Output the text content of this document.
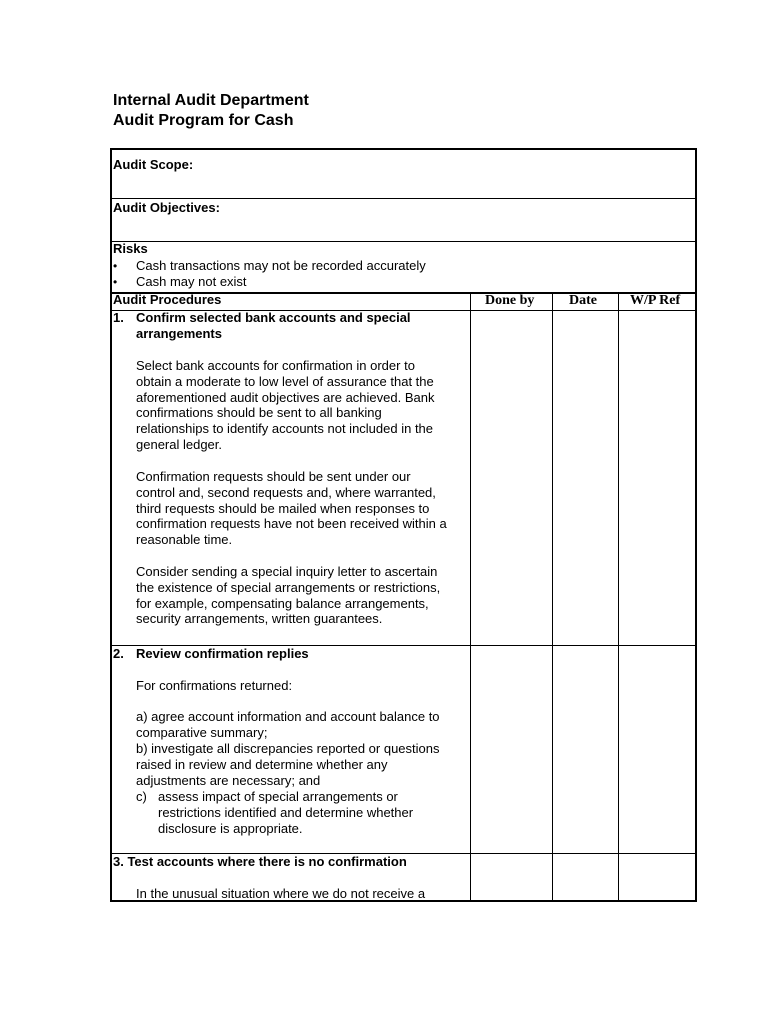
Internal Audit Department
Audit Program for Cash
Audit Scope:
Audit Objectives:
Risks
• Cash transactions may not be recorded accurately
• Cash may not exist
Audit Procedures	Done by Date W/P Ref
1. Confirm selected bank accounts and special
arrangements
Select bank accounts for confirmation in order to
obtain a moderate to low level of assurance that the
aforementioned audit objectives are achieved. Bank
confirmations should be sent to all banking
relationships to identify accounts not included in the
general ledger.
Confirmation requests should be sent under our
control and, second requests and, where warranted,
third requests should be mailed when responses to
confirmation requests have not been received within a
reasonable time.
Consider sending a special inquiry letter to ascertain
the existence of special arrangements or restrictions,
for example, compensating balance arrangements,
security arrangements, written guarantees.
2. Review confirmation replies
For confirmations returned:
a) agree account information and account balance to
comparative summary;
b) investigate all discrepancies reported or questions
raised in review and determine whether any
adjustments are necessary; and
c) assess impact of special arrangements or
restrictions identified and determine whether
disclosure is appropriate.
3. Test accounts where there is no confirmation
In the unusual situation where we do not receive a
